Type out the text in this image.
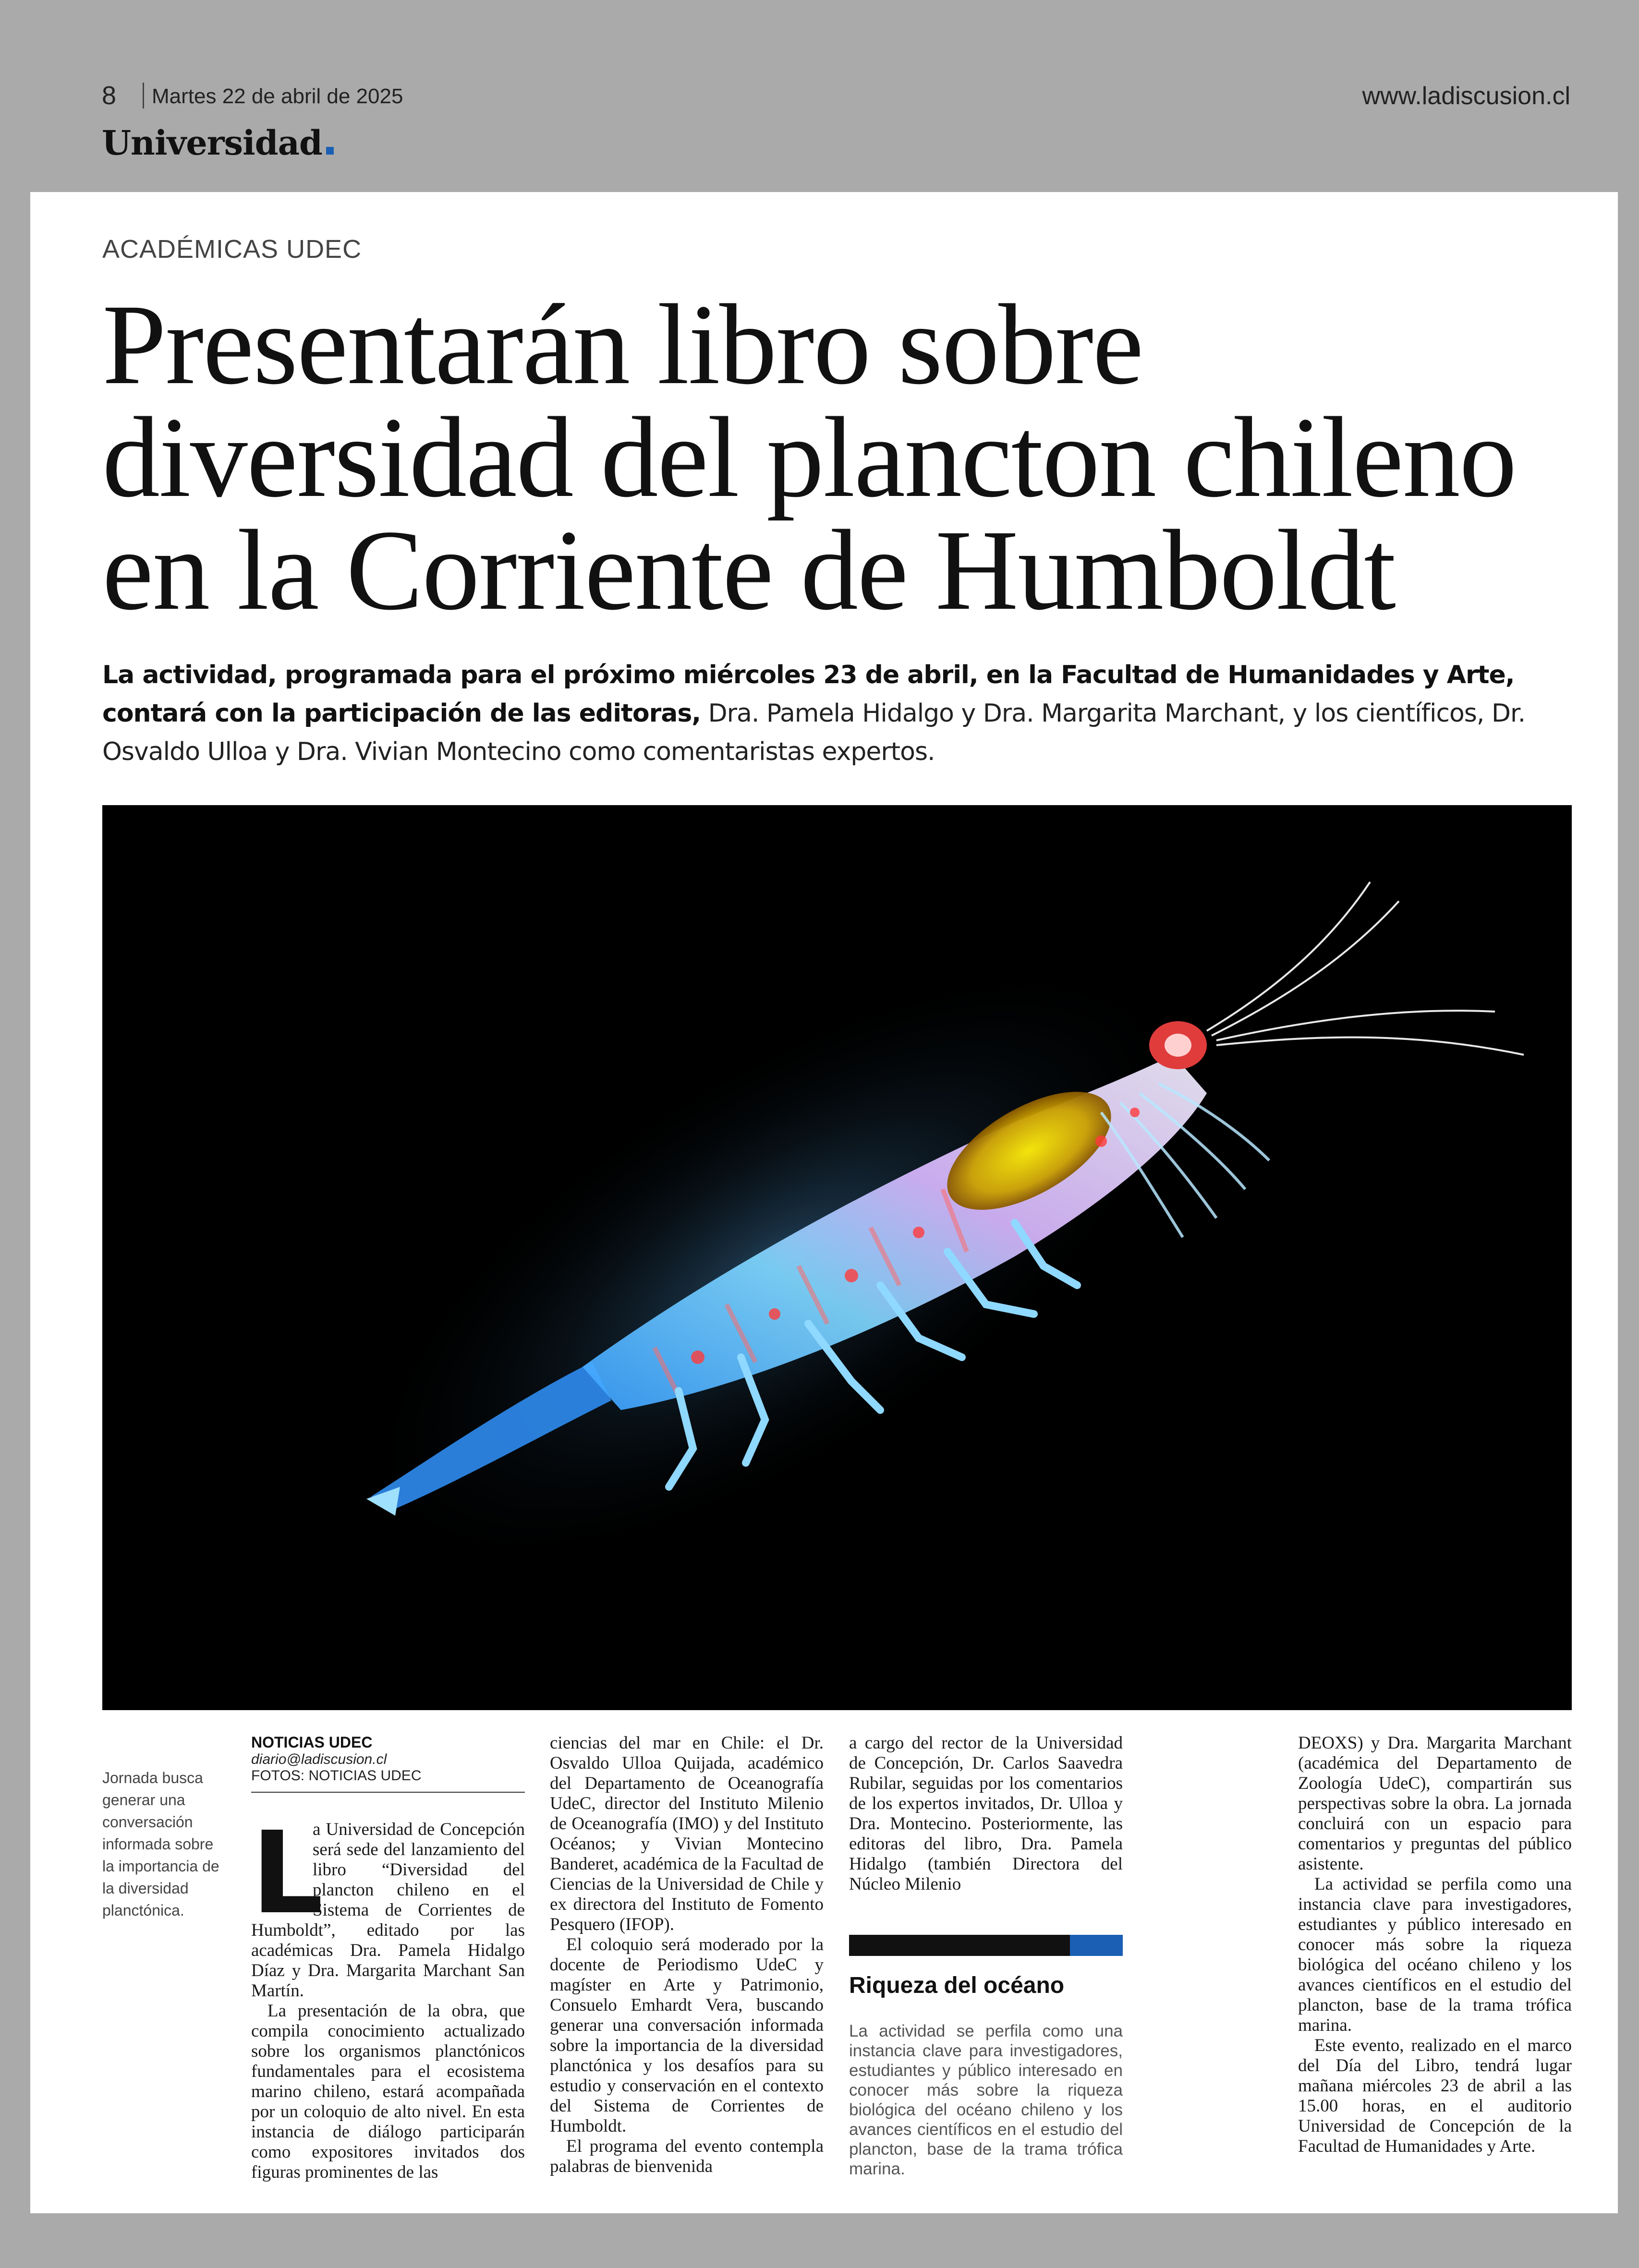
8 Martes 22 de abril de 2025	www.ladiscusion.cl
Universidad
ACADÉMICAS UDEC
Presentarán libro sobre diversidad del plancton chileno en la Corriente de Humboldt

La actividad, programada para el próximo miércoles 23 de abril, en la Facultad de Humanidades y Arte, contará con la participación de las editoras, Dra. Pamela Hidalgo y Dra. Margarita Marchant, y los científicos, Dr. Osvaldo Ulloa y Dra. Vivian Montecino como comentaristas expertos.

Jornada busca generar una conversación informada sobre la importancia de la diversidad planctónica.

NOTICIAS UDEC

diario@ladiscusion.cl

FOTOS: NOTICIAS UDEC

L

a Universidad de Concepción será sede del lanzamiento del libro “Diversidad del plancton chileno en el Sistema de Corrientes de Humboldt”, editado por las académicas Dra. Pamela Hidalgo Díaz y Dra. Margarita Marchant San Martín.

La presentación de la obra, que compila conocimiento actualizado sobre los organismos planctónicos fundamentales para el ecosistema marino chileno, estará acompañada por un coloquio de alto nivel. En esta instancia de diálogo participarán como expositores invitados dos figuras prominentes de las

ciencias del mar en Chile: el Dr. Osvaldo Ulloa Quijada, académico del Departamento de Oceanografía UdeC, director del Instituto Milenio de Oceanografía (IMO) y del Instituto Océanos; y Vivian Montecino Banderet, académica de la Facultad de Ciencias de la Universidad de Chile y ex directora del Instituto de Fomento Pesquero (IFOP).

El coloquio será moderado por la docente de Periodismo UdeC y magíster en Arte y Patrimonio, Consuelo Emhardt Vera, buscando generar una conversación informada sobre la importancia de la diversidad planctónica y los desafíos para su estudio y conservación en el contexto del Sistema de Corrientes de Humboldt.

El programa del evento contempla palabras de bienvenida

a cargo del rector de la Universidad de Concepción, Dr. Carlos Saavedra Rubilar, seguidas por los comentarios de los expertos invitados, Dr. Ulloa y Dra. Montecino. Posteriormente, las editoras del libro, Dra. Pamela Hidalgo (también Directora del Núcleo Milenio

Riqueza del océano

La actividad se perfila como una instancia clave para investigadores, estudiantes y público interesado en conocer más sobre la riqueza biológica del océano chileno y los avances científicos en el estudio del plancton, base de la trama trófica marina.

DEOXS) y Dra. Margarita Marchant (académica del Departamento de Zoología UdeC), compartirán sus perspectivas sobre la obra. La jornada concluirá con un espacio para comentarios y preguntas del público asistente.

La actividad se perfila como una instancia clave para investigadores, estudiantes y público interesado en conocer más sobre la riqueza biológica del océano chileno y los avances científicos en el estudio del plancton, base de la trama trófica marina.

Este evento, realizado en el marco del Día del Libro, tendrá lugar mañana miércoles 23 de abril a las 15.00 horas, en el auditorio Universidad de Concepción de la Facultad de Humanidades y Arte.
